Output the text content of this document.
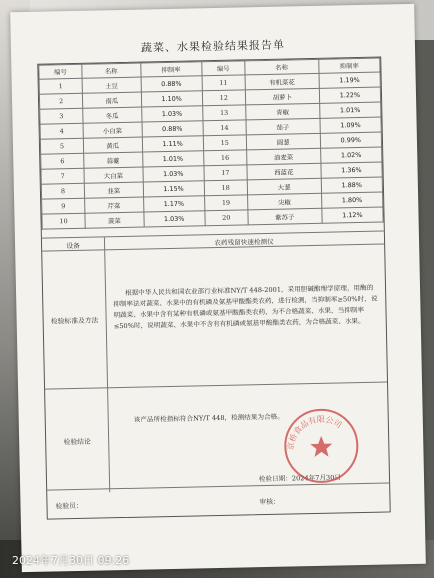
蔬菜、水果检验结果报告单
编号	名称	抑制率	编号	名称	抑制率
1	土豆	0.88%	11	有机菜花	1.19%
2	南瓜	1.10%	12	胡萝卜	1.22%
3	冬瓜	1.03%	13	青椒	1.01%
4	小白菜	0.88%	14	茄子	1.09%
5	黄瓜	1.11%	15	圆葱	0.99%
6	蒜薹	1.01%	16	油麦菜	1.02%
7	大白菜	1.03%	17	西蓝花	1.36%
8	韭菜	1.15%	18	大葱	1.88%
9	芹菜	1.17%	19	尖椒	1.80%
10	菠菜	1.03%	20	紫苏子	1.12%
设备	农药残留快速检测仪
检验标准及方法
根据中华人民共和国农业部行业标准NY/T 448-2001，采用胆碱酯理学原理，用酶的抑制率法对蔬菜、水果中的有机磷及氨基甲酸酯类农药，进行检测，当抑制率≥50%时，说明蔬菜、水果中含有某种有机磷或氨基甲酸酯类农药，为不合格蔬菜、水果，当抑制率≤50%时，说明蔬菜、水果中不含有有机磷或氨基甲酸酯类农药，为合格蔬菜、水果。
检验结论
该产品所检指标符合NY/T 448，检测结果为合格。
检验日期：2024年7月30日
检验员：	审核：
京桥食品有限公司
2024年7月30日 09:26
